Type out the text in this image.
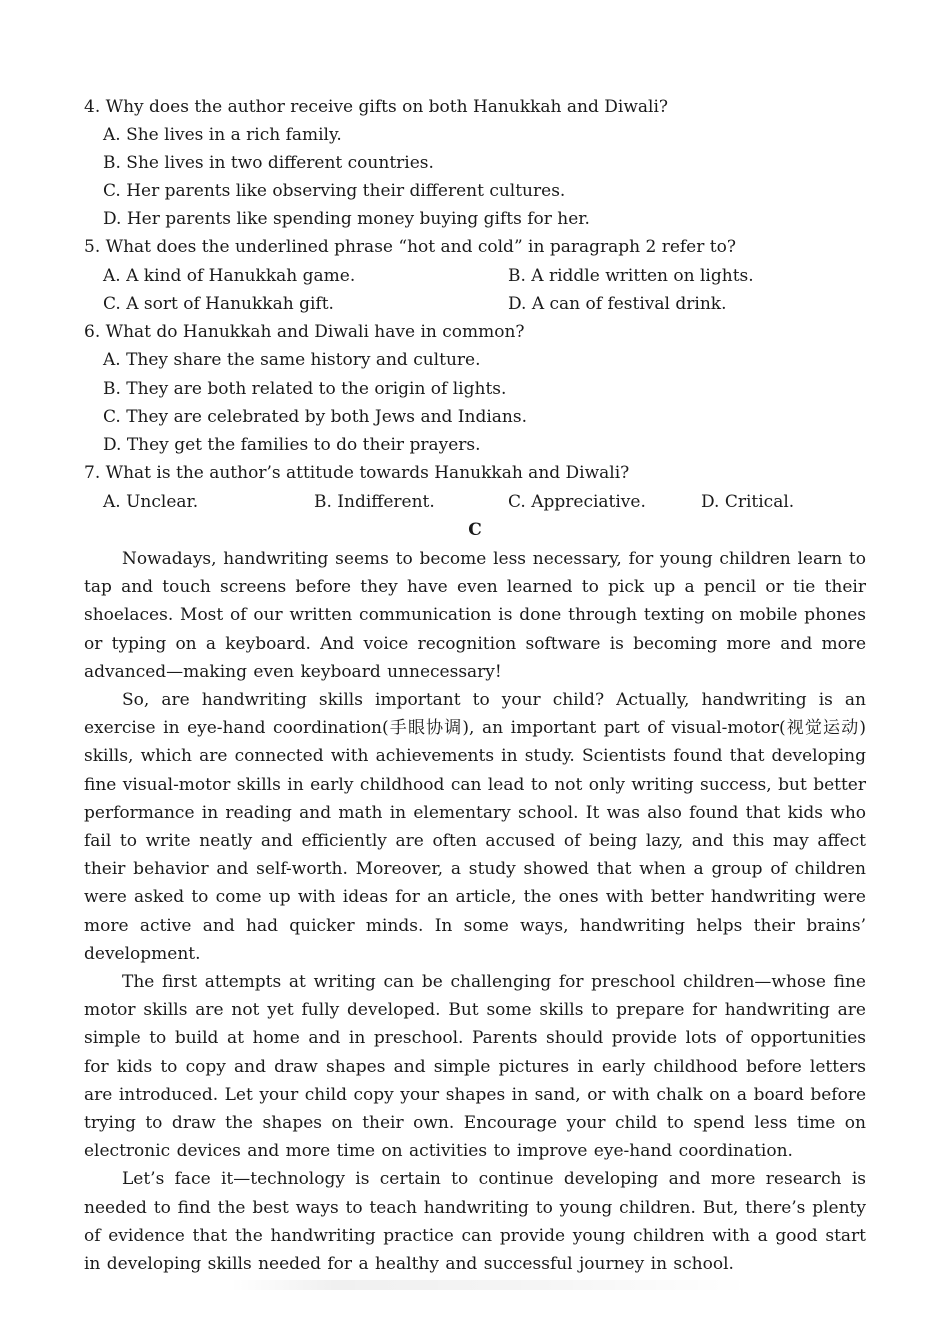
4. Why does the author receive gifts on both Hanukkah and Diwali?
A. She lives in a rich family.
B. She lives in two different countries.
C. Her parents like observing their different cultures.
D. Her parents like spending money buying gifts for her.
5. What does the underlined phrase “hot and cold” in paragraph 2 refer to?
A. A kind of Hanukkah game.	B. A riddle written on lights.
C. A sort of Hanukkah gift.	D. A can of festival drink.
6. What do Hanukkah and Diwali have in common?
A. They share the same history and culture.
B. They are both related to the origin of lights.
C. They are celebrated by both Jews and Indians.
D. They get the families to do their prayers.
7. What is the author’s attitude towards Hanukkah and Diwali?
A. Unclear.	B. Indifferent.	C. Appreciative.	D. Critical.
C

Nowadays, handwriting seems to become less necessary, for young children learn to tap and touch screens before they have even learned to pick up a pencil or tie their shoelaces. Most of our written communication is done through texting on mobile phones or typing on a keyboard. And voice recognition software is becoming more and more advanced—making even keyboard unnecessary!

So, are handwriting skills important to your child? Actually, handwriting is an exercise in eye-hand coordination(手眼协调), an important part of visual-motor(视觉运动) skills, which are connected with achievements in study. Scientists found that developing fine visual-motor skills in early childhood can lead to not only writing success, but better performance in reading and math in elementary school. It was also found that kids who fail to write neatly and efficiently are often accused of being lazy, and this may affect their behavior and self-worth. Moreover, a study showed that when a group of children were asked to come up with ideas for an article, the ones with better handwriting were more active and had quicker minds. In some ways, handwriting helps their brains’ development.

The first attempts at writing can be challenging for preschool children—whose fine motor skills are not yet fully developed. But some skills to prepare for handwriting are simple to build at home and in preschool. Parents should provide lots of opportunities for kids to copy and draw shapes and simple pictures in early childhood before letters are introduced. Let your child copy your shapes in sand, or with chalk on a board before trying to draw the shapes on their own. Encourage your child to spend less time on electronic devices and more time on activities to improve eye-hand coordination.

Let’s face it—technology is certain to continue developing and more research is needed to find the best ways to teach handwriting to young children. But, there’s plenty of evidence that the handwriting practice can provide young children with a good start in developing skills needed for a healthy and successful journey in school.
